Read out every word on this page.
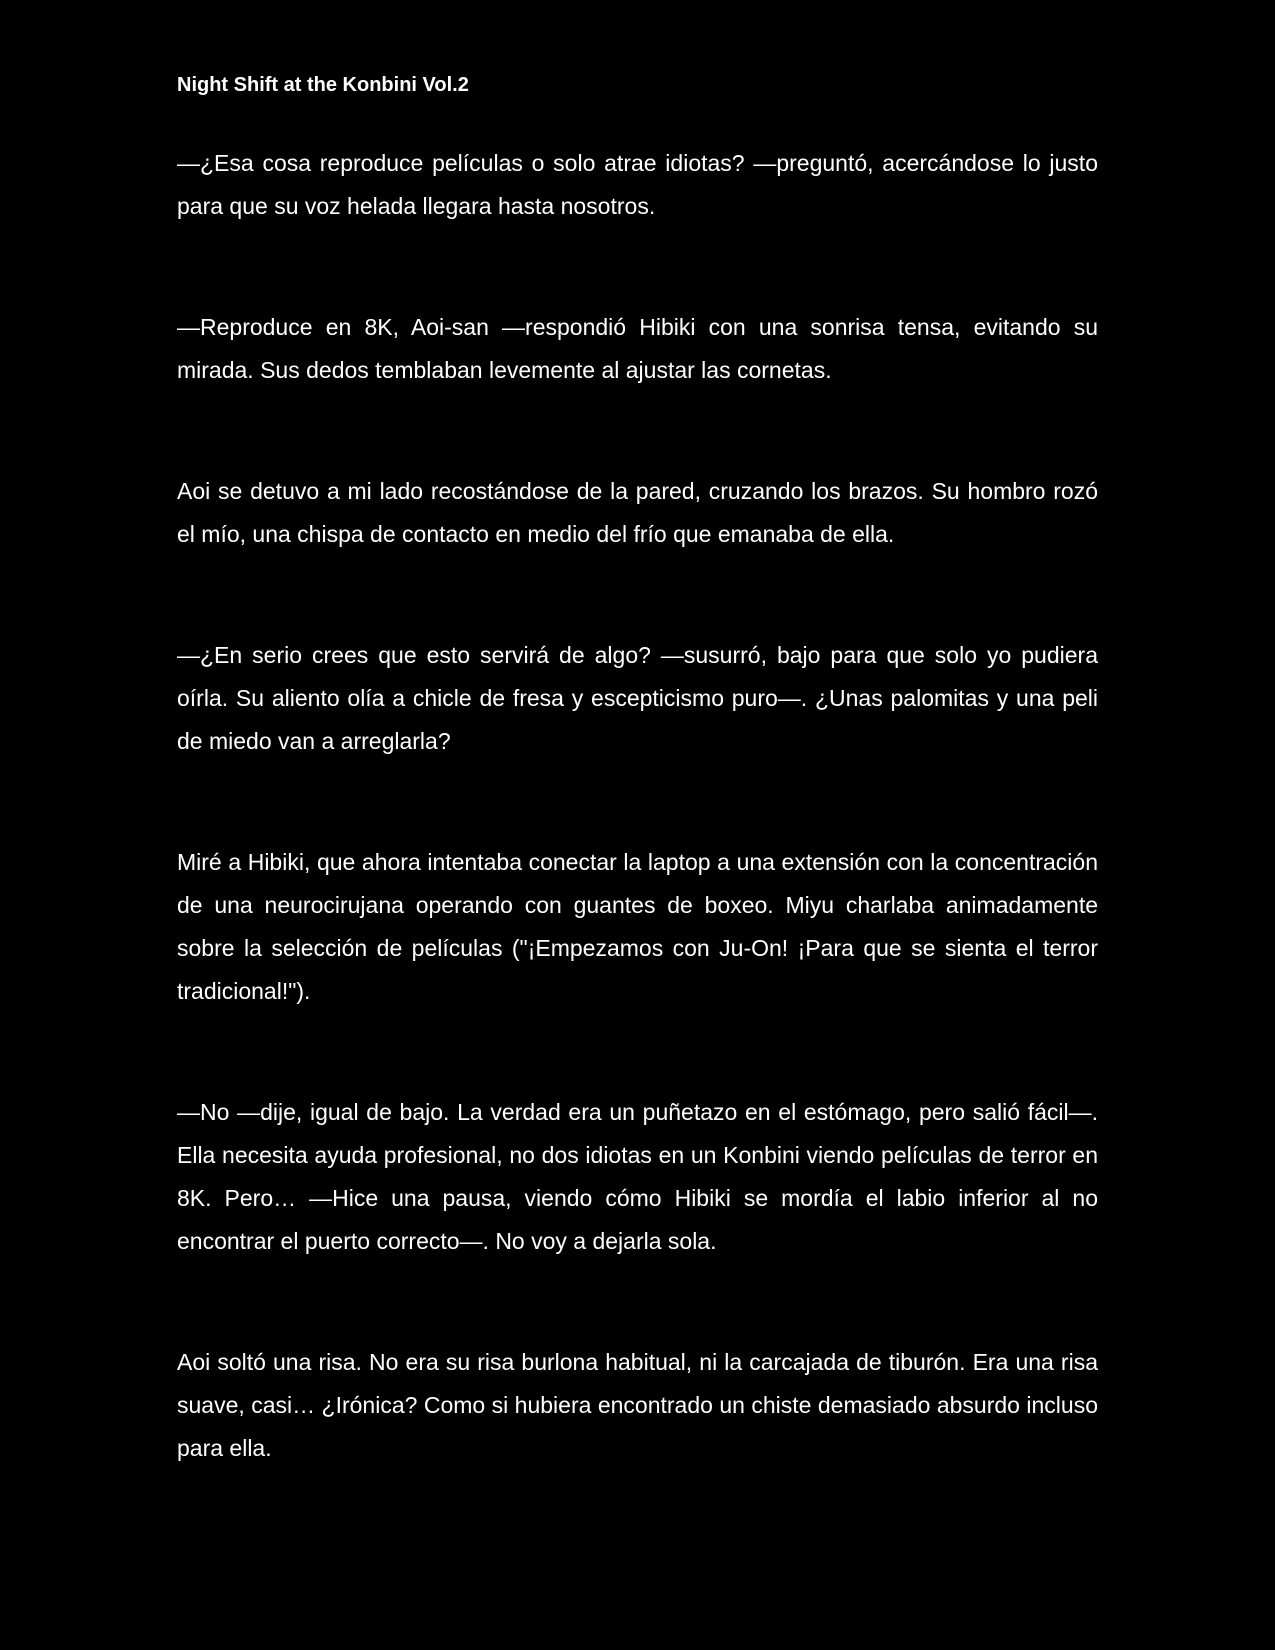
Night Shift at the Konbini Vol.2

—¿Esa cosa reproduce películas o solo atrae idiotas? —preguntó, acercándose lo justo para que su voz helada llegara hasta nosotros.

—Reproduce en 8K, Aoi-san —respondió Hibiki con una sonrisa tensa, evitando su mirada. Sus dedos temblaban levemente al ajustar las cornetas.

Aoi se detuvo a mi lado recostándose de la pared, cruzando los brazos. Su hombro rozó el mío, una chispa de contacto en medio del frío que emanaba de ella.

—¿En serio crees que esto servirá de algo? —susurró, bajo para que solo yo pudiera oírla. Su aliento olía a chicle de fresa y escepticismo puro—. ¿Unas palomitas y una peli de miedo van a arreglarla?

Miré a Hibiki, que ahora intentaba conectar la laptop a una extensión con la concentración de una neurocirujana operando con guantes de boxeo. Miyu charlaba animadamente sobre la selección de películas ("¡Empezamos con Ju-On! ¡Para que se sienta el terror tradicional!").

—No —dije, igual de bajo. La verdad era un puñetazo en el estómago, pero salió fácil—. Ella necesita ayuda profesional, no dos idiotas en un Konbini viendo películas de terror en 8K. Pero… —Hice una pausa, viendo cómo Hibiki se mordía el labio inferior al no encontrar el puerto correcto—. No voy a dejarla sola.

Aoi soltó una risa. No era su risa burlona habitual, ni la carcajada de tiburón. Era una risa suave, casi… ¿Irónica? Como si hubiera encontrado un chiste demasiado absurdo incluso para ella.
